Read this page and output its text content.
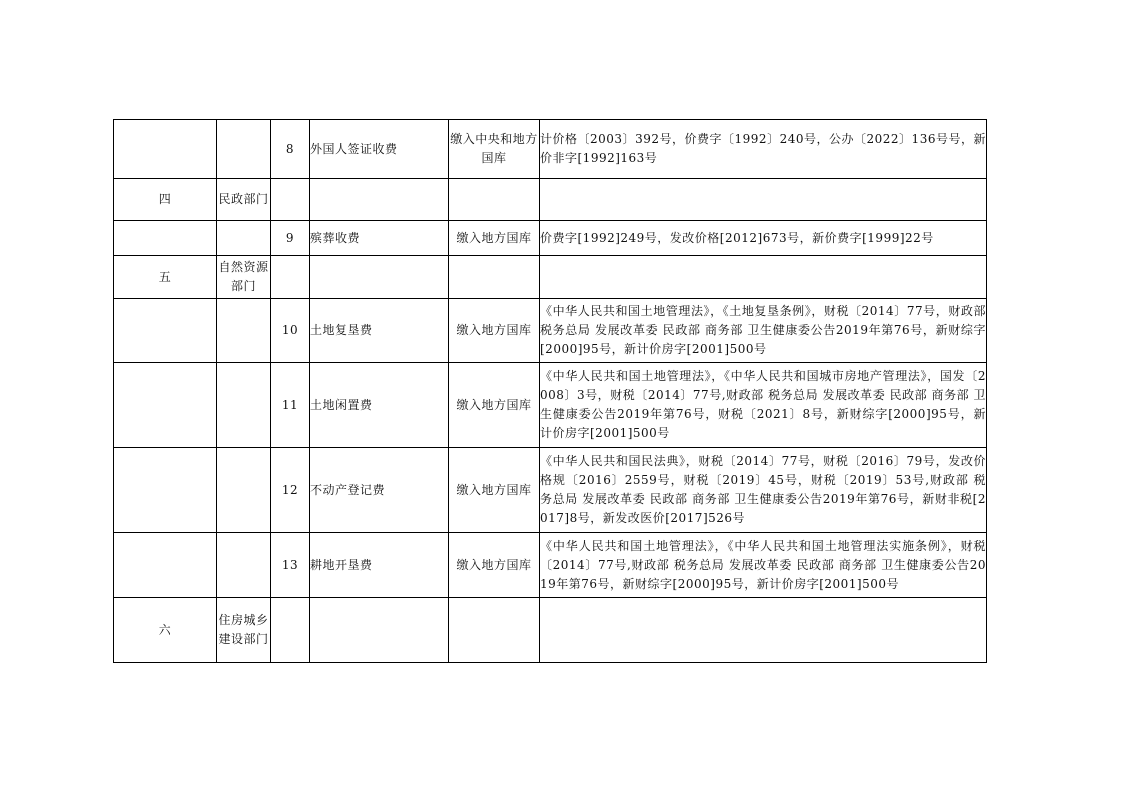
		8	外国人签证收费	缴入中央和地方国库	计价格〔2003〕392号，价费字〔1992〕240号，公办〔2022〕136号号，新价非字[1992]163号
四	民政部门				
		9	殡葬收费	缴入地方国库	价费字[1992]249号，发改价格[2012]673号，新价费字[1999]22号
五	自然资源部门				
		10	土地复垦费	缴入地方国库	《中华人民共和国土地管理法》，《土地复垦条例》，财税〔2014〕77号，财政部 税务总局 发展改革委 民政部 商务部 卫生健康委公告2019年第76号，新财综字[2000]95号，新计价房字[2001]500号
		11	土地闲置费	缴入地方国库	《中华人民共和国土地管理法》，《中华人民共和国城市房地产管理法》，国发〔2008〕3号，财税〔2014〕77号,财政部 税务总局 发展改革委 民政部 商务部 卫生健康委公告2019年第76号，财税〔2021〕8号，新财综字[2000]95号，新计价房字[2001]500号
		12	不动产登记费	缴入地方国库	《中华人民共和国民法典》，财税〔2014〕77号，财税〔2016〕79号，发改价格规〔2016〕2559号，财税〔2019〕45号，财税〔2019〕53号,财政部 税务总局 发展改革委 民政部 商务部 卫生健康委公告2019年第76号，新财非税[2017]8号，新发改医价[2017]526号
		13	耕地开垦费	缴入地方国库	《中华人民共和国土地管理法》，《中华人民共和国土地管理法实施条例》，财税〔2014〕77号,财政部 税务总局 发展改革委 民政部 商务部 卫生健康委公告2019年第76号，新财综字[2000]95号，新计价房字[2001]500号
六	住房城乡建设部门				
